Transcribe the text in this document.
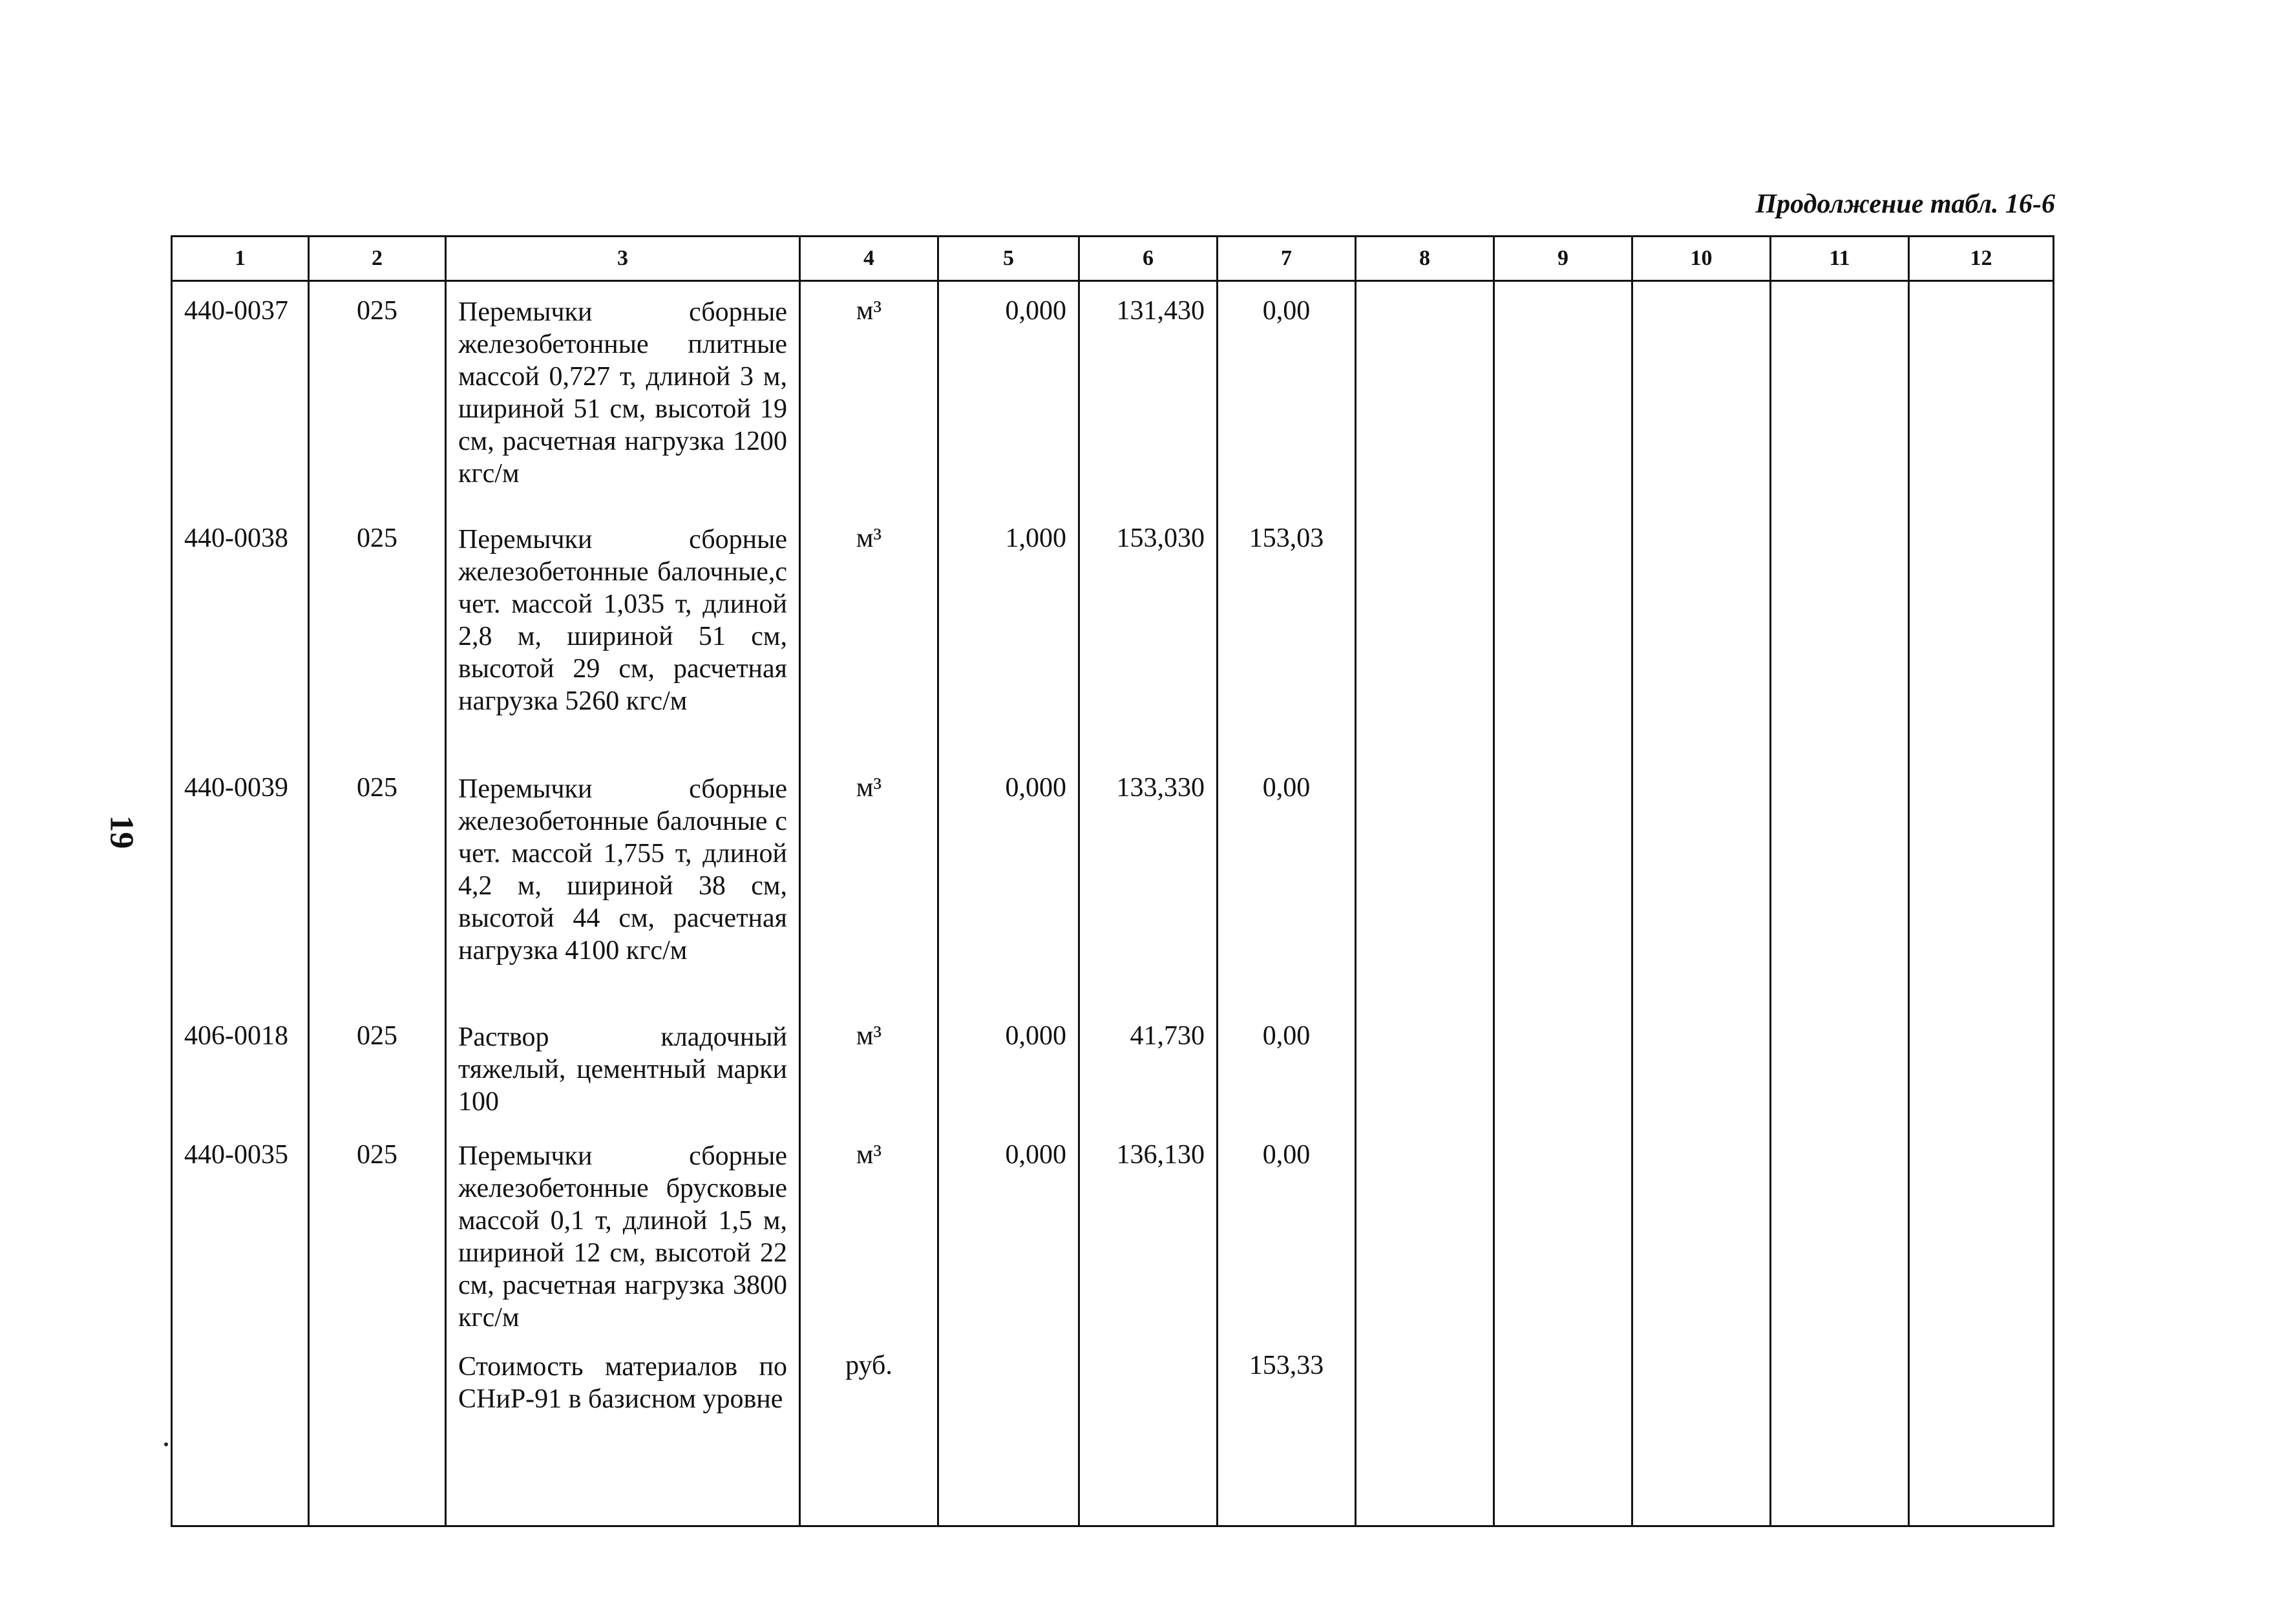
Продолжение табл. 16-6
19
1	2	3	4	5	6	7	8	9	10	11	12
440-0037	025	Перемычки сборные железобетонные плитные массой 0,727 т, длиной 3 м, шириной 51 см, высотой 19 см, расчетная нагрузка 1200 кгс/м	м³	0,000	131,430	0,00					
440-0038	025	Перемычки сборные железобетонные балочные,с чет. массой 1,035 т, длиной 2,8 м, шириной 51 см, высотой 29 см, расчетная нагрузка 5260 кгс/м	м³	1,000	153,030	153,03					
440-0039	025	Перемычки сборные железобетонные балочные с чет. массой 1,755 т, длиной 4,2 м, шириной 38 см, высотой 44 см, расчетная нагрузка 4100 кгс/м	м³	0,000	133,330	0,00					
406-0018	025	Раствор кладочный тяжелый, цементный марки 100	м³	0,000	41,730	0,00					
440-0035	025	Перемычки сборные железобетонные брусковые массой 0,1 т, длиной 1,5 м, шириной 12 см, высотой 22 см, расчетная нагрузка 3800 кгс/м	м³	0,000	136,130	0,00					
		Стоимость материалов по СНиР-91 в базисном уровне	руб.			153,33					
